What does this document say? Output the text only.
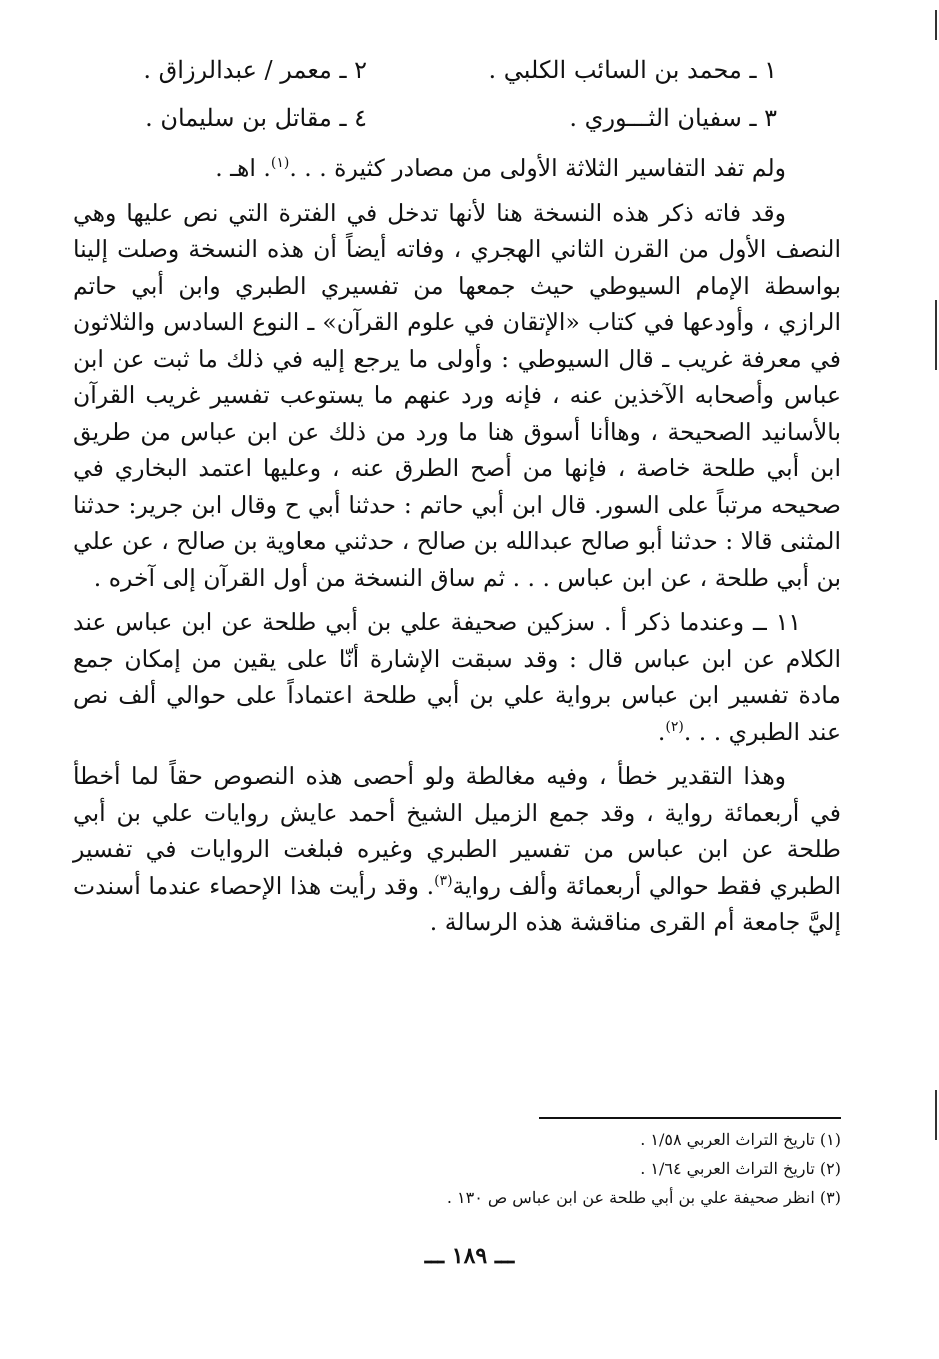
١ ـ محمد بن السائب الكلبي .
٢ ـ معمر / عبدالرزاق .
٣ ـ سفيان الثـــوري .
٤ ـ مقاتل بن سليمان .

ولم تفد التفاسير الثلاثة الأولى من مصادر كثيرة . . .$^{(١)}$. اهـ .

وقد فاته ذكر هذه النسخة هنا لأنها تدخل في الفترة التي نص عليها وهي النصف الأول من القرن الثاني الهجري ، وفاته أيضاً أن هذه النسخة وصلت إلينا بواسطة الإمام السيوطي حيث جمعها من تفسيري الطبري وابن أبي حاتم الرازي ، وأودعها في كتاب «الإتقان في علوم القرآن» ـ النوع السادس والثلاثون في معرفة غريب ـ قال السيوطي : وأولى ما يرجع إليه في ذلك ما ثبت عن ابن عباس وأصحابه الآخذين عنه ، فإنه ورد عنهم ما يستوعب تفسير غريب القرآن بالأسانيد الصحيحة ، وهاأنا أسوق هنا ما ورد من ذلك عن ابن عباس من طريق ابن أبي طلحة خاصة ، فإنها من أصح الطرق عنه ، وعليها اعتمد البخاري في صحيحه مرتباً على السور. قال ابن أبي حاتم : حدثنا أبي ح وقال ابن جرير: حدثنا المثنى قالا : حدثنا أبو صالح عبدالله بن صالح ، حدثني معاوية بن صالح ، عن علي بن أبي طلحة ، عن ابن عباس . . . ثم ساق النسخة من أول القرآن إلى آخره .

١١ ــ وعندما ذكر أ . سزكين صحيفة علي بن أبي طلحة عن ابن عباس عند الكلام عن ابن عباس قال : وقد سبقت الإشارة أنّا على يقين من إمكان جمع مادة تفسير ابن عباس برواية علي بن أبي طلحة اعتماداً على حوالي ألف نص عند الطبري . . .$^{(٢)}$.

وهذا التقدير خطأ ، وفيه مغالطة ولو أحصى هذه النصوص حقاً لما أخطأ في أربعمائة رواية ، وقد جمع الزميل الشيخ أحمد عايش روايات علي بن أبي طلحة عن ابن عباس من تفسير الطبري وغيره فبلغت الروايات في تفسير الطبري فقط حوالي أربعمائة وألف رواية$^{(٣)}$. وقد رأيت هذا الإحصاء عندما أسندت إليَّ جامعة أم القرى مناقشة هذه الرسالة .

(١) تاريخ التراث العربي ١/٥٨ .

(٢) تاريخ التراث العربي ١/٦٤ .

(٣) انظر صحيفة علي بن أبي طلحة عن ابن عباس ص ١٣٠ .

ـــ ١٨٩ ـــ
